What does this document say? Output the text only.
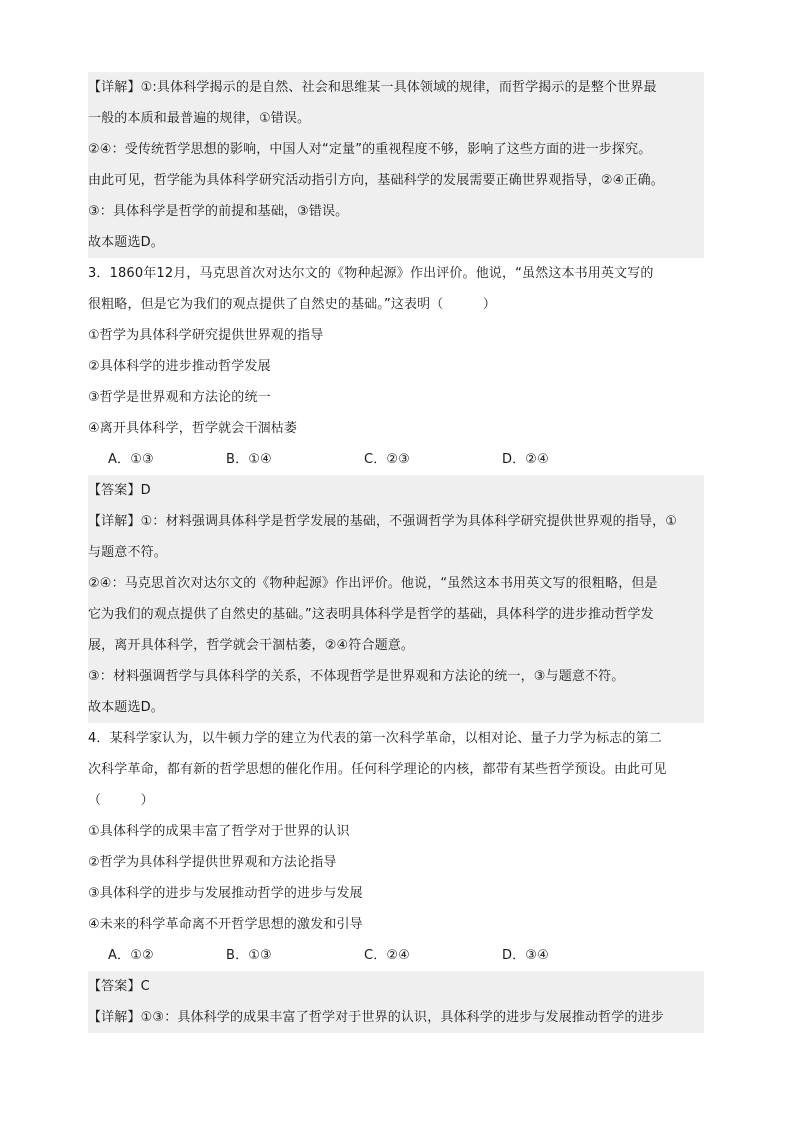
【详解】①:具体科学揭示的是自然、社会和思维某一具体领域的规律，而哲学揭示的是整个世界最
一般的本质和最普遍的规律，①错误。
②④：受传统哲学思想的影响，中国人对“定量”的重视程度不够，影响了这些方面的进一步探究。
由此可见，哲学能为具体科学研究活动指引方向，基础科学的发展需要正确世界观指导，②④正确。
③：具体科学是哲学的前提和基础，③错误。
故本题选D。
3．1860年12月，马克思首次对达尔文的《物种起源》作出评价。他说，“虽然这本书用英文写的
很粗略，但是它为我们的观点提供了自然史的基础。”这表明（　　　）
①哲学为具体科学研究提供世界观的指导
②具体科学的进步推动哲学发展
③哲学是世界观和方法论的统一
④离开具体科学，哲学就会干涸枯萎
A．①③	B．①④	C．②③	D．②④
【答案】D
【详解】①：材料强调具体科学是哲学发展的基础，不强调哲学为具体科学研究提供世界观的指导，①
与题意不符。
②④：马克思首次对达尔文的《物种起源》作出评价。他说，“虽然这本书用英文写的很粗略，但是
它为我们的观点提供了自然史的基础。”这表明具体科学是哲学的基础，具体科学的进步推动哲学发
展，离开具体科学，哲学就会干涸枯萎，②④符合题意。
③：材料强调哲学与具体科学的关系，不体现哲学是世界观和方法论的统一，③与题意不符。
故本题选D。
4．某科学家认为，以牛顿力学的建立为代表的第一次科学革命，以相对论、量子力学为标志的第二
次科学革命，都有新的哲学思想的催化作用。任何科学理论的内核，都带有某些哲学预设。由此可见
（　　　）
①具体科学的成果丰富了哲学对于世界的认识
②哲学为具体科学提供世界观和方法论指导
③具体科学的进步与发展推动哲学的进步与发展
④未来的科学革命离不开哲学思想的激发和引导
A．①②	B．①③	C．②④	D．③④
【答案】C
【详解】①③：具体科学的成果丰富了哲学对于世界的认识，具体科学的进步与发展推动哲学的进步
